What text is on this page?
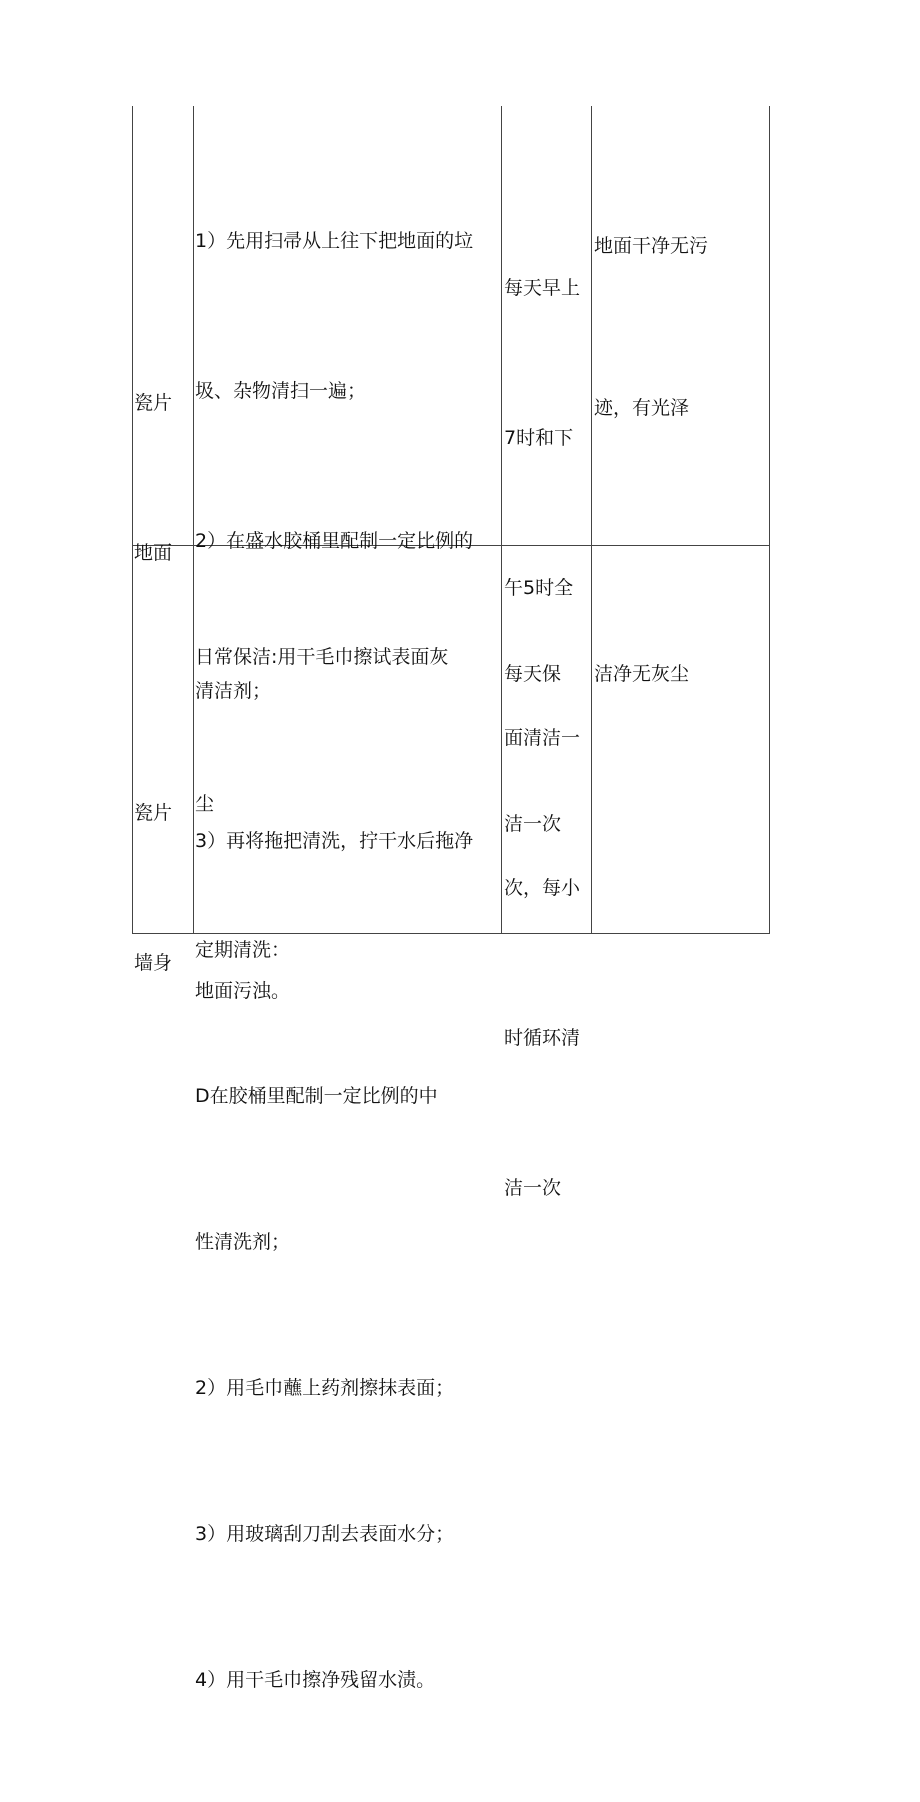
瓷片

地面

1）先用扫帚从上往下把地面的垃

圾、杂物清扫一遍；

2）在盛水胶桶里配制一定比例的

清洁剂；

3）再将拖把清洗，拧干水后拖净

地面污浊。

每天早上

7时和下

午5时全

面清洁一

次，每小

时循环清

洁一次

地面干净无污

迹，有光泽

瓷片

墙身

日常保洁:用干毛巾擦试表面灰

尘

定期清洗：

D在胶桶里配制一定比例的中

性清洗剂；

2）用毛巾蘸上药剂擦抹表面；

3）用玻璃刮刀刮去表面水分；

4）用干毛巾擦净残留水渍。

每天保

洁一次

洁净无灰尘
